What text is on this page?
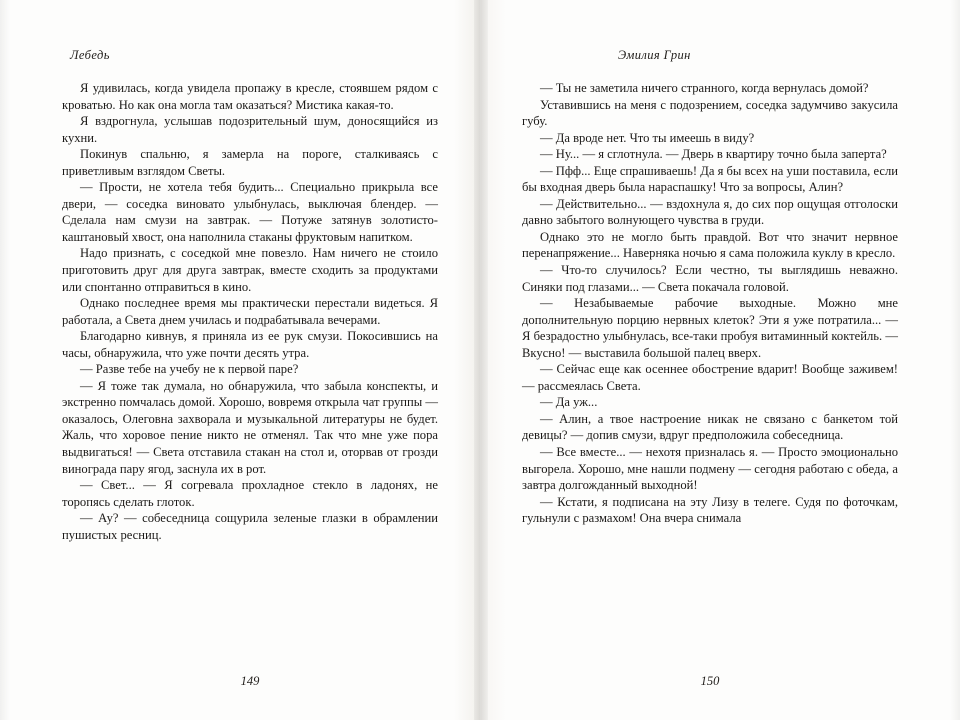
Лебедь

Я удивилась, когда увидела пропажу в кресле, стоявшем рядом с кроватью. Но как она могла там оказаться? Мистика какая-то.

Я вздрогнула, услышав подозрительный шум, доносящийся из кухни.

Покинув спальню, я замерла на пороге, сталкиваясь с приветливым взглядом Светы.

— Прости, не хотела тебя будить... Специально прикрыла все двери, — соседка виновато улыбнулась, выключая блендер. — Сделала нам смузи на завтрак. — Потуже затянув золотисто-каштановый хвост, она наполнила стаканы фруктовым напитком.

Надо признать, с соседкой мне повезло. Нам ничего не стоило приготовить друг для друга завтрак, вместе сходить за продуктами или спонтанно отправиться в кино.

Однако последнее время мы практически перестали видеться. Я работала, а Света днем училась и подрабатывала вечерами.

Благодарно кивнув, я приняла из ее рук смузи. Покосившись на часы, обнаружила, что уже почти десять утра.

— Разве тебе на учебу не к первой паре?

— Я тоже так думала, но обнаружила, что забыла конспекты, и экстренно помчалась домой. Хорошо, вовремя открыла чат группы — оказалось, Олеговна захворала и музыкальной литературы не будет. Жаль, что хоровое пение никто не отменял. Так что мне уже пора выдвигаться! — Света отставила стакан на стол и, оторвав от грозди винограда пару ягод, заснула их в рот.

— Свет... — Я согревала прохладное стекло в ладонях, не торопясь сделать глоток.

— Ау? — собеседница сощурила зеленые глазки в обрамлении пушистых ресниц.

149
Эмилия Грин

— Ты не заметила ничего странного, когда вернулась домой?

Уставившись на меня с подозрением, соседка задумчиво закусила губу.

— Да вроде нет. Что ты имеешь в виду?

— Ну... — я сглотнула. — Дверь в квартиру точно была заперта?

— Пфф... Еще спрашиваешь! Да я бы всех на уши поставила, если бы входная дверь была нараспашку! Что за вопросы, Алин?

— Действительно... — вздохнула я, до сих пор ощущая отголоски давно забытого волнующего чувства в груди.

Однако это не могло быть правдой. Вот что значит нервное перенапряжение... Наверняка ночью я сама положила куклу в кресло.

— Что-то случилось? Если честно, ты выглядишь неважно. Синяки под глазами... — Света покачала головой.

— Незабываемые рабочие выходные. Можно мне дополнительную порцию нервных клеток? Эти я уже потратила... — Я безрадостно улыбнулась, все-таки пробуя витаминный коктейль. — Вкусно! — выставила большой палец вверх.

— Сейчас еще как осеннее обострение вдарит! Вообще заживем! — рассмеялась Света.

— Да уж...

— Алин, а твое настроение никак не связано с банкетом той девицы? — допив смузи, вдруг предположила собеседница.

— Все вместе... — нехотя призналась я. — Просто эмоционально выгорела. Хорошо, мне нашли подмену — сегодня работаю с обеда, а завтра долгожданный выходной!

— Кстати, я подписана на эту Лизу в телеге. Судя по фоточкам, гульнули с размахом! Она вчера снимала

150
